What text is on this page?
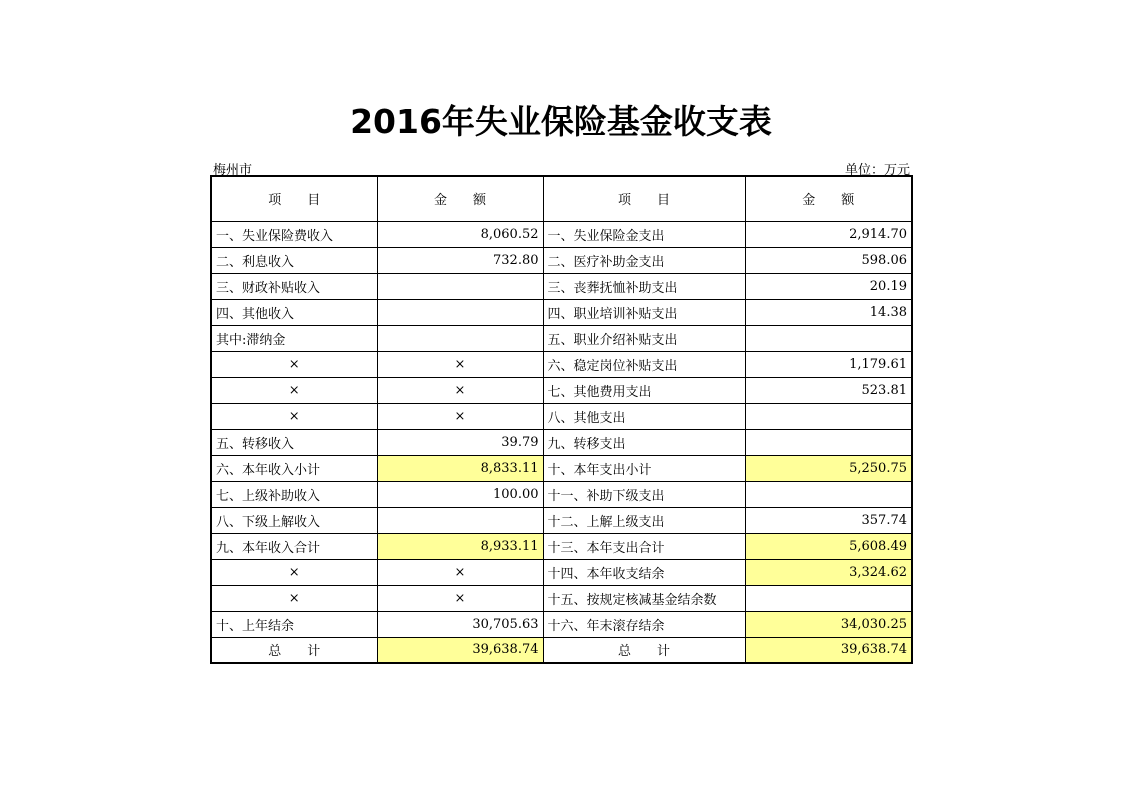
2016年失业保险基金收支表
梅州市	单位：万元
项　　目	金　　额	项　　目	金　　额
一、失业保险费收入	8,060.52	一、失业保险金支出	2,914.70
二、利息收入	732.80	二、医疗补助金支出	598.06
三、财政补贴收入		三、丧葬抚恤补助支出	20.19
四、其他收入		四、职业培训补贴支出	14.38
其中:滞纳金		五、职业介绍补贴支出	
×	×	六、稳定岗位补贴支出	1,179.61
×	×	七、其他费用支出	523.81
×	×	八、其他支出	
五、转移收入	39.79	九、转移支出	
六、本年收入小计	8,833.11	十、本年支出小计	5,250.75
七、上级补助收入	100.00	十一、补助下级支出	
八、下级上解收入		十二、上解上级支出	357.74
九、本年收入合计	8,933.11	十三、本年支出合计	5,608.49
×	×	十四、本年收支结余	3,324.62
×	×	十五、按规定核减基金结余数	
十、上年结余	30,705.63	十六、年末滚存结余	34,030.25
总　　计	39,638.74	总　　计	39,638.74
